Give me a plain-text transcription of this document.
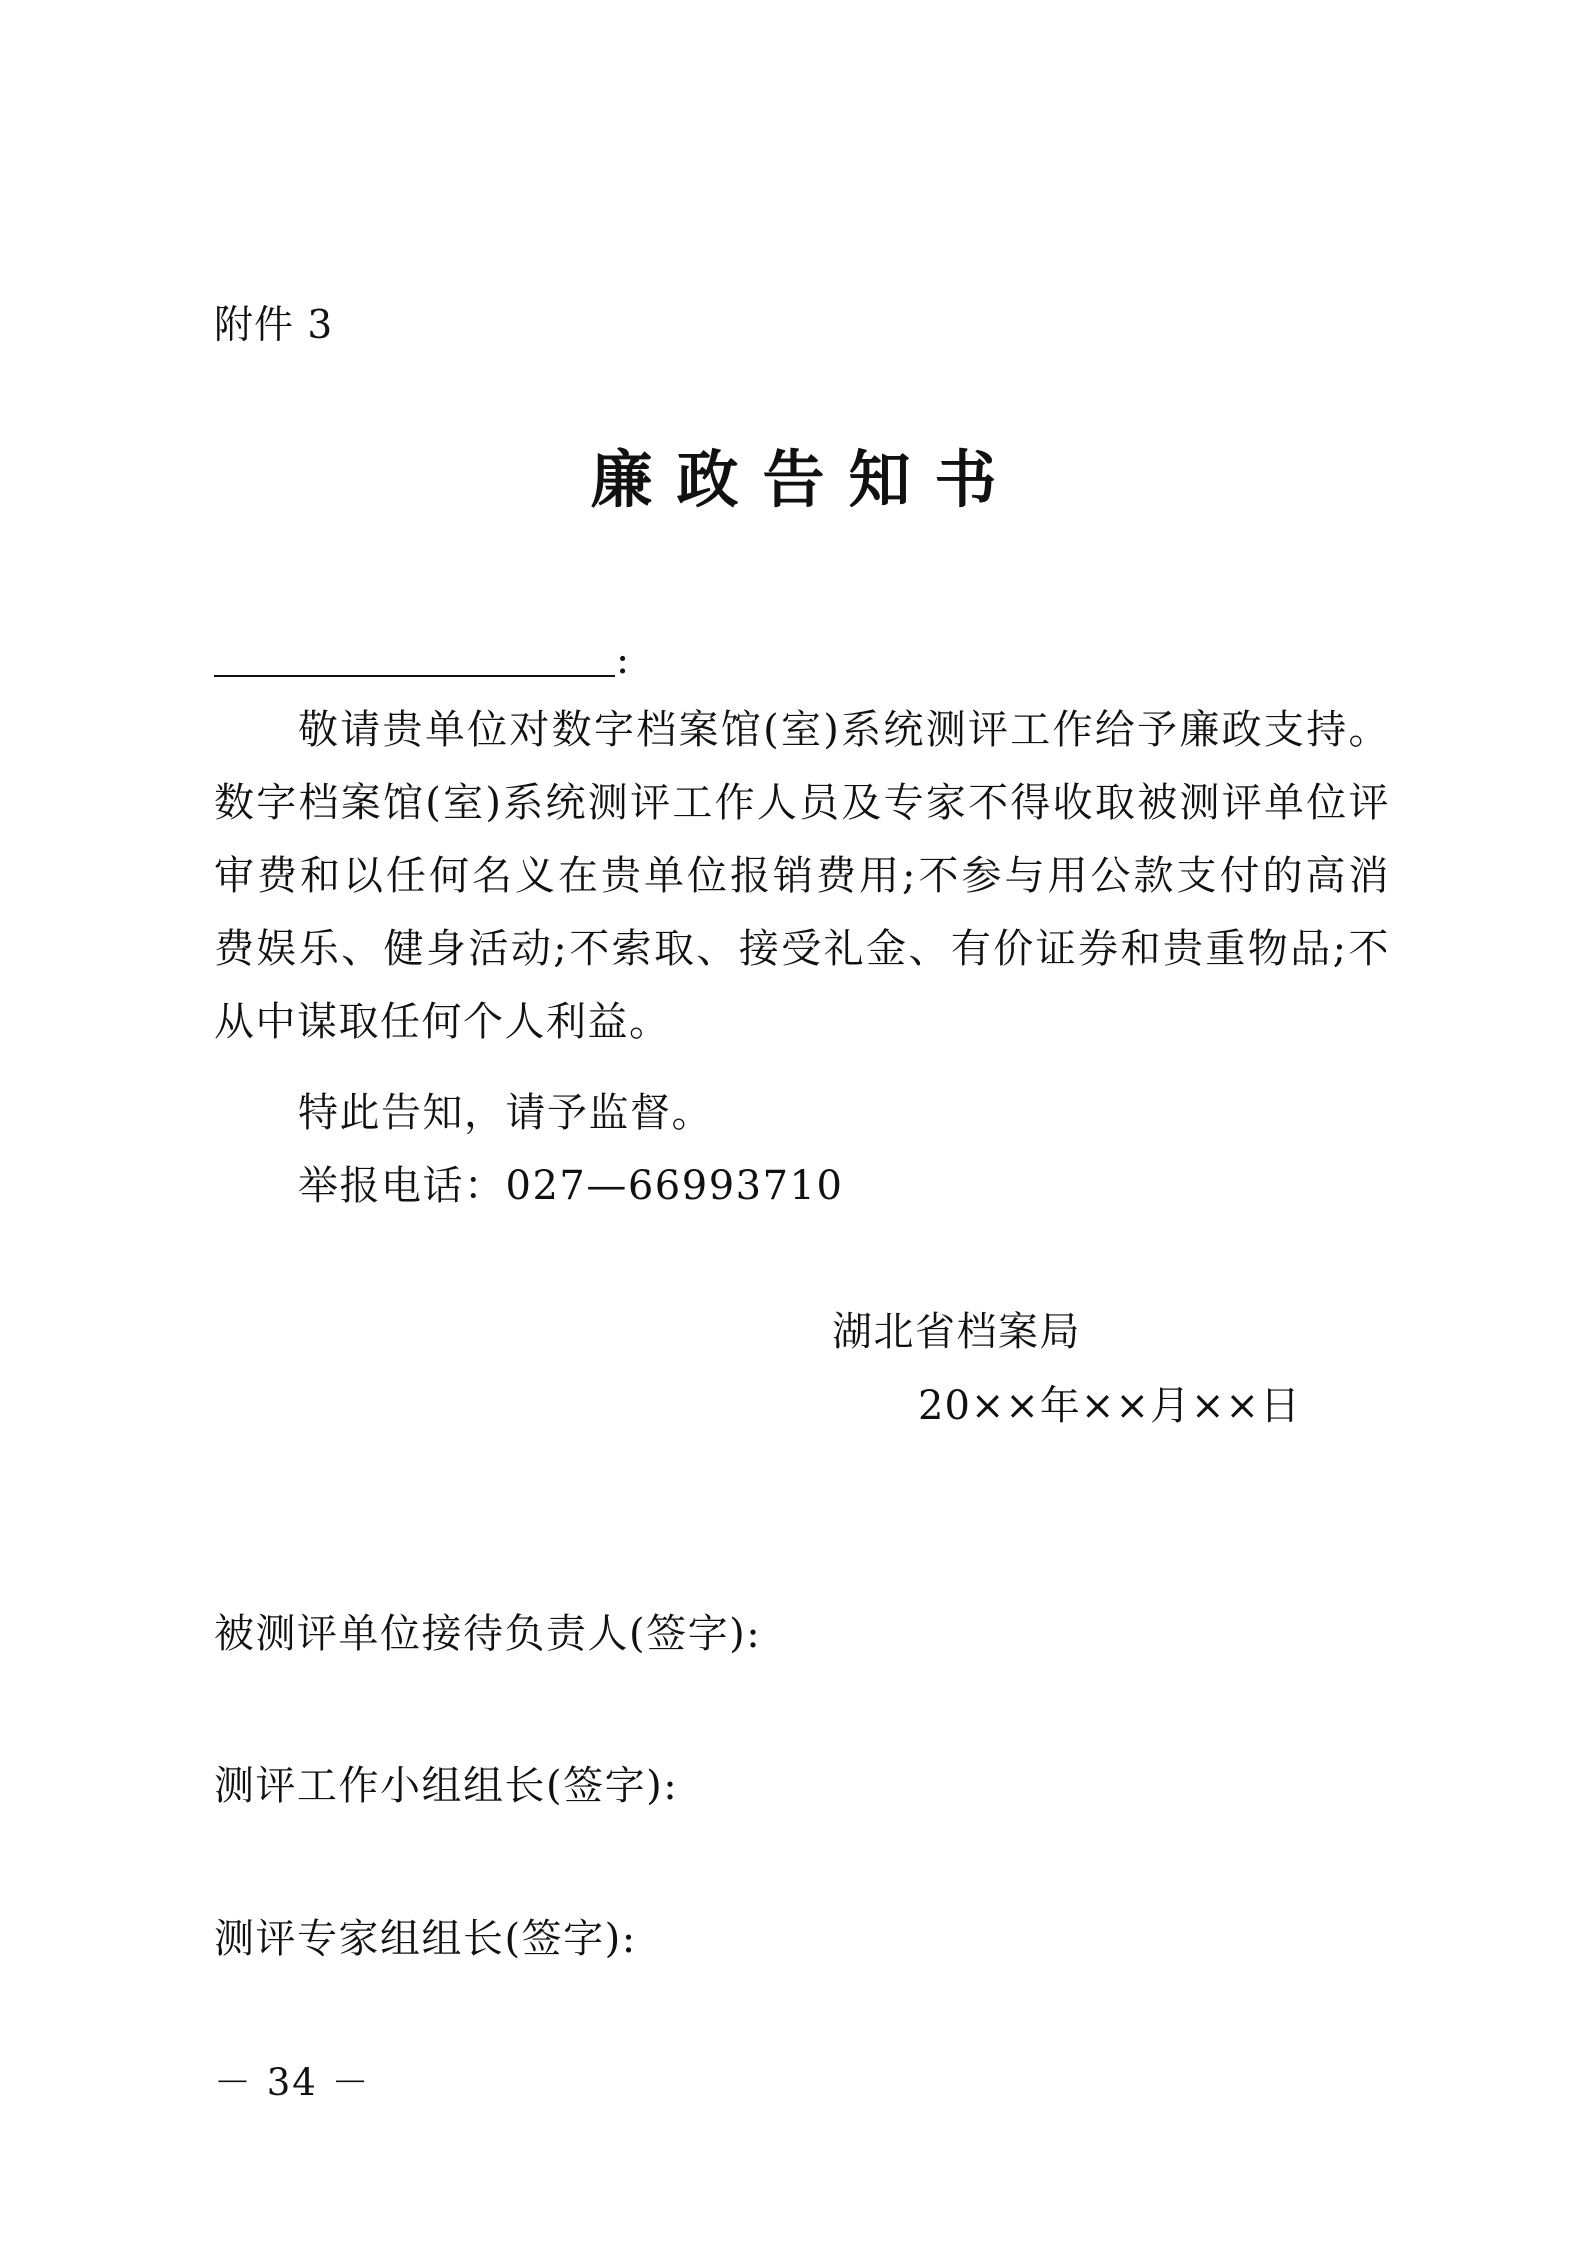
附件 3
廉政告知书
:
敬请贵单位对数字档案馆(室)系统测评工作给予廉政支持。数字档案馆(室)系统测评工作人员及专家不得收取被测评单位评审费和以任何名义在贵单位报销费用;不参与用公款支付的高消费娱乐、健身活动;不索取、接受礼金、有价证券和贵重物品;不从中谋取任何个人利益。
特此告知，请予监督。
举报电话：027—66993710
湖北省档案局
20××年××月××日
被测评单位接待负责人(签字):
测评工作小组组长(签字):
测评专家组组长(签字):
－ 34 －
